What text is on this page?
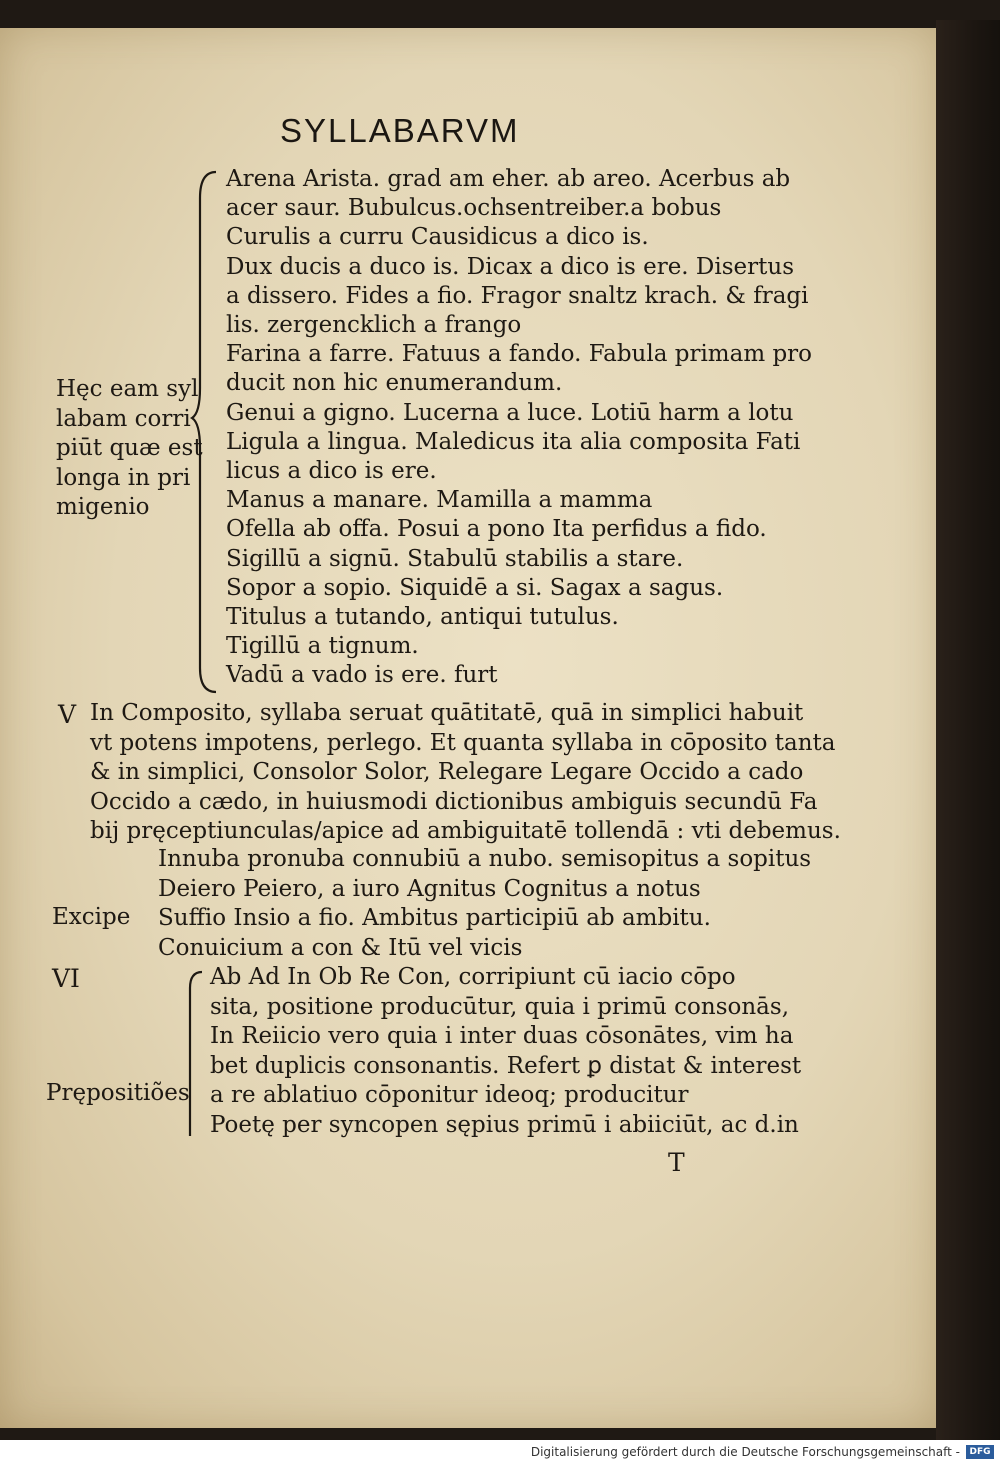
SYLLABARVM
Arena Arista. grad am eher. ab areo. Acerbus ab
acer saur. Bubulcus.ochsentreiber.a bobus
Curulis a curru Causidicus a dico is.
Dux ducis a duco is. Dicax a dico is ere. Disertus
a dissero. Fides a fio. Fragor snaltz krach. & fragi
lis. zergencklich a frango
Farina a farre. Fatuus a fando. Fabula primam pro
ducit non hic enumerandum.
Genui a gigno. Lucerna a luce. Lotiū harm a lotu
Ligula a lingua. Maledicus ita alia composita Fati
licus a dico is ere.
Manus a manare. Mamilla a mamma
Ofella ab offa. Posui a pono Ita perfidus a fido.
Sigillū a signū. Stabulū stabilis a stare.
Sopor a sopio. Siquidē a si. Sagax a sagus.
Titulus a tutando, antiqui tutulus.
Tigillū a tignum.
Vadū a vado is ere. furt
Hęc eam syl
labam corri
piūt quæ est
longa in pri
migenio
V In Composito, syllaba seruat quātitatē, quā in simplici habuit
vt potens impotens, perlego. Et quanta syllaba in cōposito tanta
& in simplici, Consolor Solor, Relegare Legare Occido a cado
Occido a cædo, in huiusmodi dictionibus ambiguis secundū Fa
bij pręceptiunculas/apice ad ambiguitatē tollendā : vti debemus.
Excipe
Innuba pronuba connubiū a nubo. semisopitus a sopitus
Deiero Peiero, a iuro Agnitus Cognitus a notus
Suffio Insio a fio. Ambitus participiū ab ambitu.
Conuicium a con & Itū vel vicis
VI
Prępositiões
Ab Ad In Ob Re Con, corripiunt cū iacio cōpo
sita, positione producūtur, quia i primū consonās,
In Reiicio vero quia i inter duas cōsonātes, vim ha
bet duplicis consonantis. Refert ꝑ distat & interest
a re ablatiuo cōponitur ideoq; producitur
Poetę per syncopen sępius primū i abiiciūt, ac d.in
T
Digitalisierung gefördert durch die Deutsche Forschungsgemeinschaft -	DFG
